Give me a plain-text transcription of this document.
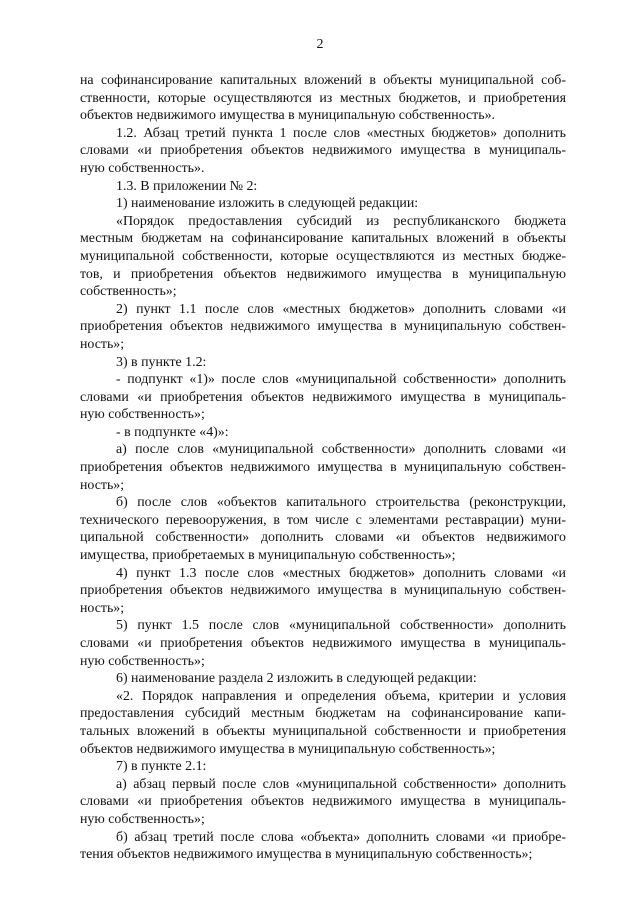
2

на софинансирование капитальных вложений в объекты муниципальной соб-
ственности, которые осуществляются из местных бюджетов, и приобретения
объектов недвижимого имущества в муниципальную собственность».

1.2. Абзац третий пункта 1 после слов «местных бюджетов» дополнить
словами «и приобретения объектов недвижимого имущества в муниципаль-
ную собственность».

1.3. В приложении № 2:

1) наименование изложить в следующей редакции:

«Порядок предоставления субсидий из республиканского бюджета
местным бюджетам на софинансирование капитальных вложений в объекты
муниципальной собственности, которые осуществляются из местных бюдже-
тов, и приобретения объектов недвижимого имущества в муниципальную
собственность»;

2) пункт 1.1 после слов «местных бюджетов» дополнить словами «и
приобретения объектов недвижимого имущества в муниципальную собствен-
ность»;

3) в пункте 1.2:

- подпункт «1)» после слов «муниципальной собственности» дополнить
словами «и приобретения объектов недвижимого имущества в муниципаль-
ную собственность»;

- в подпункте «4)»:

а) после слов «муниципальной собственности» дополнить словами «и
приобретения объектов недвижимого имущества в муниципальную собствен-
ность»;

б) после слов «объектов капитального строительства (реконструкции,
технического перевооружения, в том числе с элементами реставрации) муни-
ципальной собственности» дополнить словами «и объектов недвижимого
имущества, приобретаемых в муниципальную собственность»;

4) пункт 1.3 после слов «местных бюджетов» дополнить словами «и
приобретения объектов недвижимого имущества в муниципальную собствен-
ность»;

5) пункт 1.5 после слов «муниципальной собственности» дополнить
словами «и приобретения объектов недвижимого имущества в муниципаль-
ную собственность»;

6) наименование раздела 2 изложить в следующей редакции:

«2. Порядок направления и определения объема, критерии и условия
предоставления субсидий местным бюджетам на софинансирование капи-
тальных вложений в объекты муниципальной собственности и приобретения
объектов недвижимого имущества в муниципальную собственность»;

7) в пункте 2.1:

а) абзац первый после слов «муниципальной собственности» дополнить
словами «и приобретения объектов недвижимого имущества в муниципаль-
ную собственность»;

б) абзац третий после слова «объекта» дополнить словами «и приобре-
тения объектов недвижимого имущества в муниципальную собственность»;
